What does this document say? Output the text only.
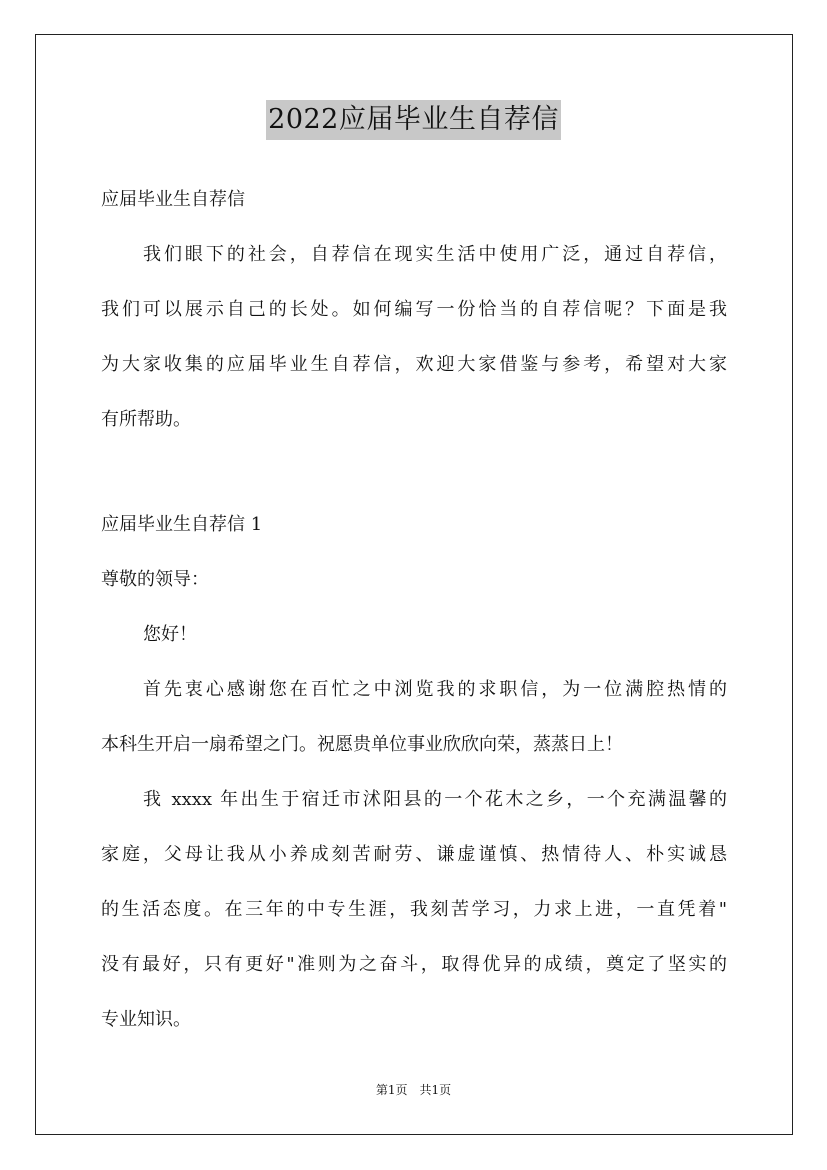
2022应届毕业生自荐信

应届毕业生自荐信

我们眼下的社会，自荐信在现实生活中使用广泛，通过自荐信，

我们可以展示自己的长处。如何编写一份恰当的自荐信呢？下面是我

为大家收集的应届毕业生自荐信，欢迎大家借鉴与参考，希望对大家

有所帮助。

应届毕业生自荐信 1

尊敬的领导：

您好！

首先衷心感谢您在百忙之中浏览我的求职信，为一位满腔热情的

本科生开启一扇希望之门。祝愿贵单位事业欣欣向荣，蒸蒸日上！

我 xxxx 年出生于宿迁市沭阳县的一个花木之乡，一个充满温馨的

家庭，父母让我从小养成刻苦耐劳、谦虚谨慎、热情待人、朴实诚恳

的生活态度。在三年的中专生涯，我刻苦学习，力求上进，一直凭着"

没有最好，只有更好"准则为之奋斗，取得优异的成绩，奠定了坚实的

专业知识。

第1页　共1页
